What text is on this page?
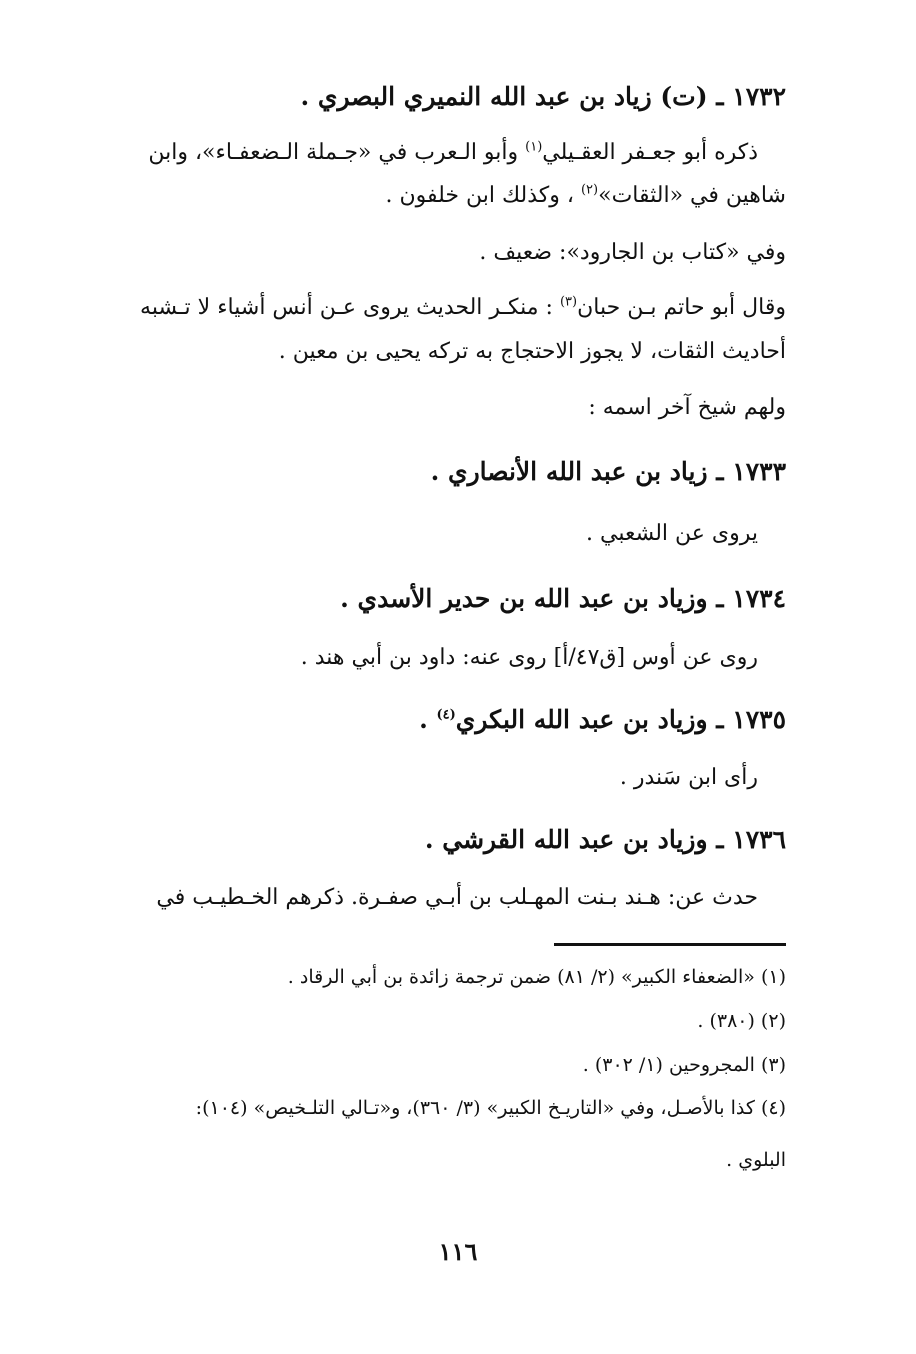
١٧٣٢ ـ (ت) زياد بن عبد الله النميري البصري .
ذكره أبو جعـفر العقـيلي$^{(١)}$ وأبو الـعرب في «جـملة الـضعفـاء»، وابن
شاهين في «الثقات»$^{(٢)}$ ، وكذلك ابن خلفون .
وفي «كتاب بن الجارود»: ضعيف .
وقال أبو حاتم بـن حبان$^{(٣)}$ : منكـر الحديث يروى عـن أنس أشياء لا تـشبه
أحاديث الثقات، لا يجوز الاحتجاج به تركه يحيى بن معين .
ولهم شيخ آخر اسمه :
١٧٣٣ ـ زياد بن عبد الله الأنصاري .
يروى عن الشعبي .
١٧٣٤ ـ وزياد بن عبد الله بن حدير الأسدي .
روى عن أوس [ق٤٧/أ] روى عنه: داود بن أبي هند .
١٧٣٥ ـ وزياد بن عبد الله البكري$^{(٤)}$ .
رأى ابن سَندر .
١٧٣٦ ـ وزياد بن عبد الله القرشي .
حدث عن: هـند بـنت المهـلب بن أبـي صفـرة. ذكرهم الخـطيـب في
(١) «الضعفاء الكبير» (٢/ ٨١) ضمن ترجمة زائدة بن أبي الرقاد .
(٢) (٣٨٠) .
(٣) المجروحين (١/ ٣٠٢) .
(٤) كذا بالأصـل، وفي «التاريـخ الكبير» (٣/ ٣٦٠)، و«تـالي التلـخيص» (١٠٤):
البلوي .
١١٦
